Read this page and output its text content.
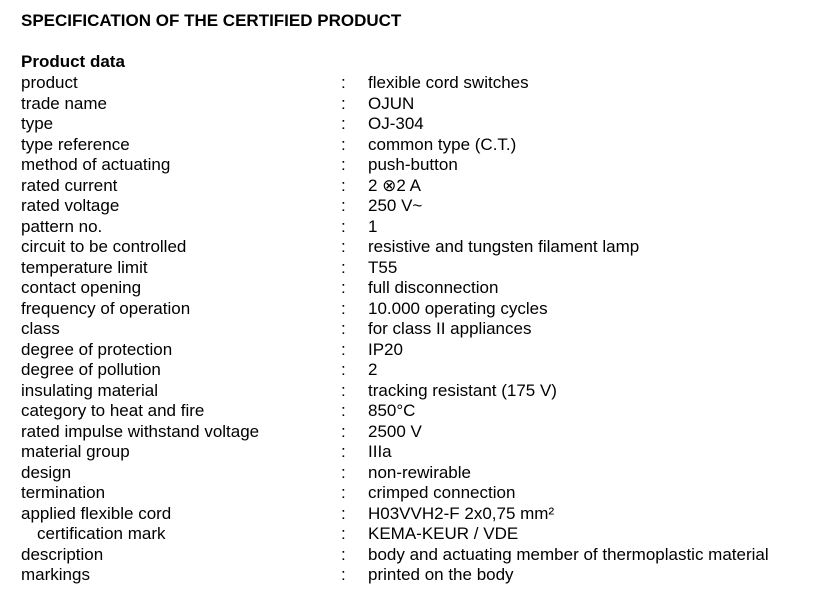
SPECIFICATION OF THE CERTIFIED PRODUCT
Product data
product	: flexible cord switches
trade name	: OJUN
type	: OJ-304
type reference	: common type (C.T.)
method of actuating	: push-button
rated current	: 2 ⊗2 A
rated voltage	: 250 V~
pattern no.	: 1
circuit to be controlled	: resistive and tungsten filament lamp
temperature limit	: T55
contact opening	: full disconnection
frequency of operation	: 10.000 operating cycles
class	: for class II appliances
degree of protection	: IP20
degree of pollution	: 2
insulating material	: tracking resistant (175 V)
category to heat and fire	: 850°C
rated impulse withstand voltage	: 2500 V
material group	: IIIa
design	: non-rewirable
termination	: crimped connection
applied flexible cord	: H03VVH2-F 2x0,75 mm²
certification mark	: KEMA-KEUR / VDE
description	: body and actuating member of thermoplastic material
markings	: printed on the body
